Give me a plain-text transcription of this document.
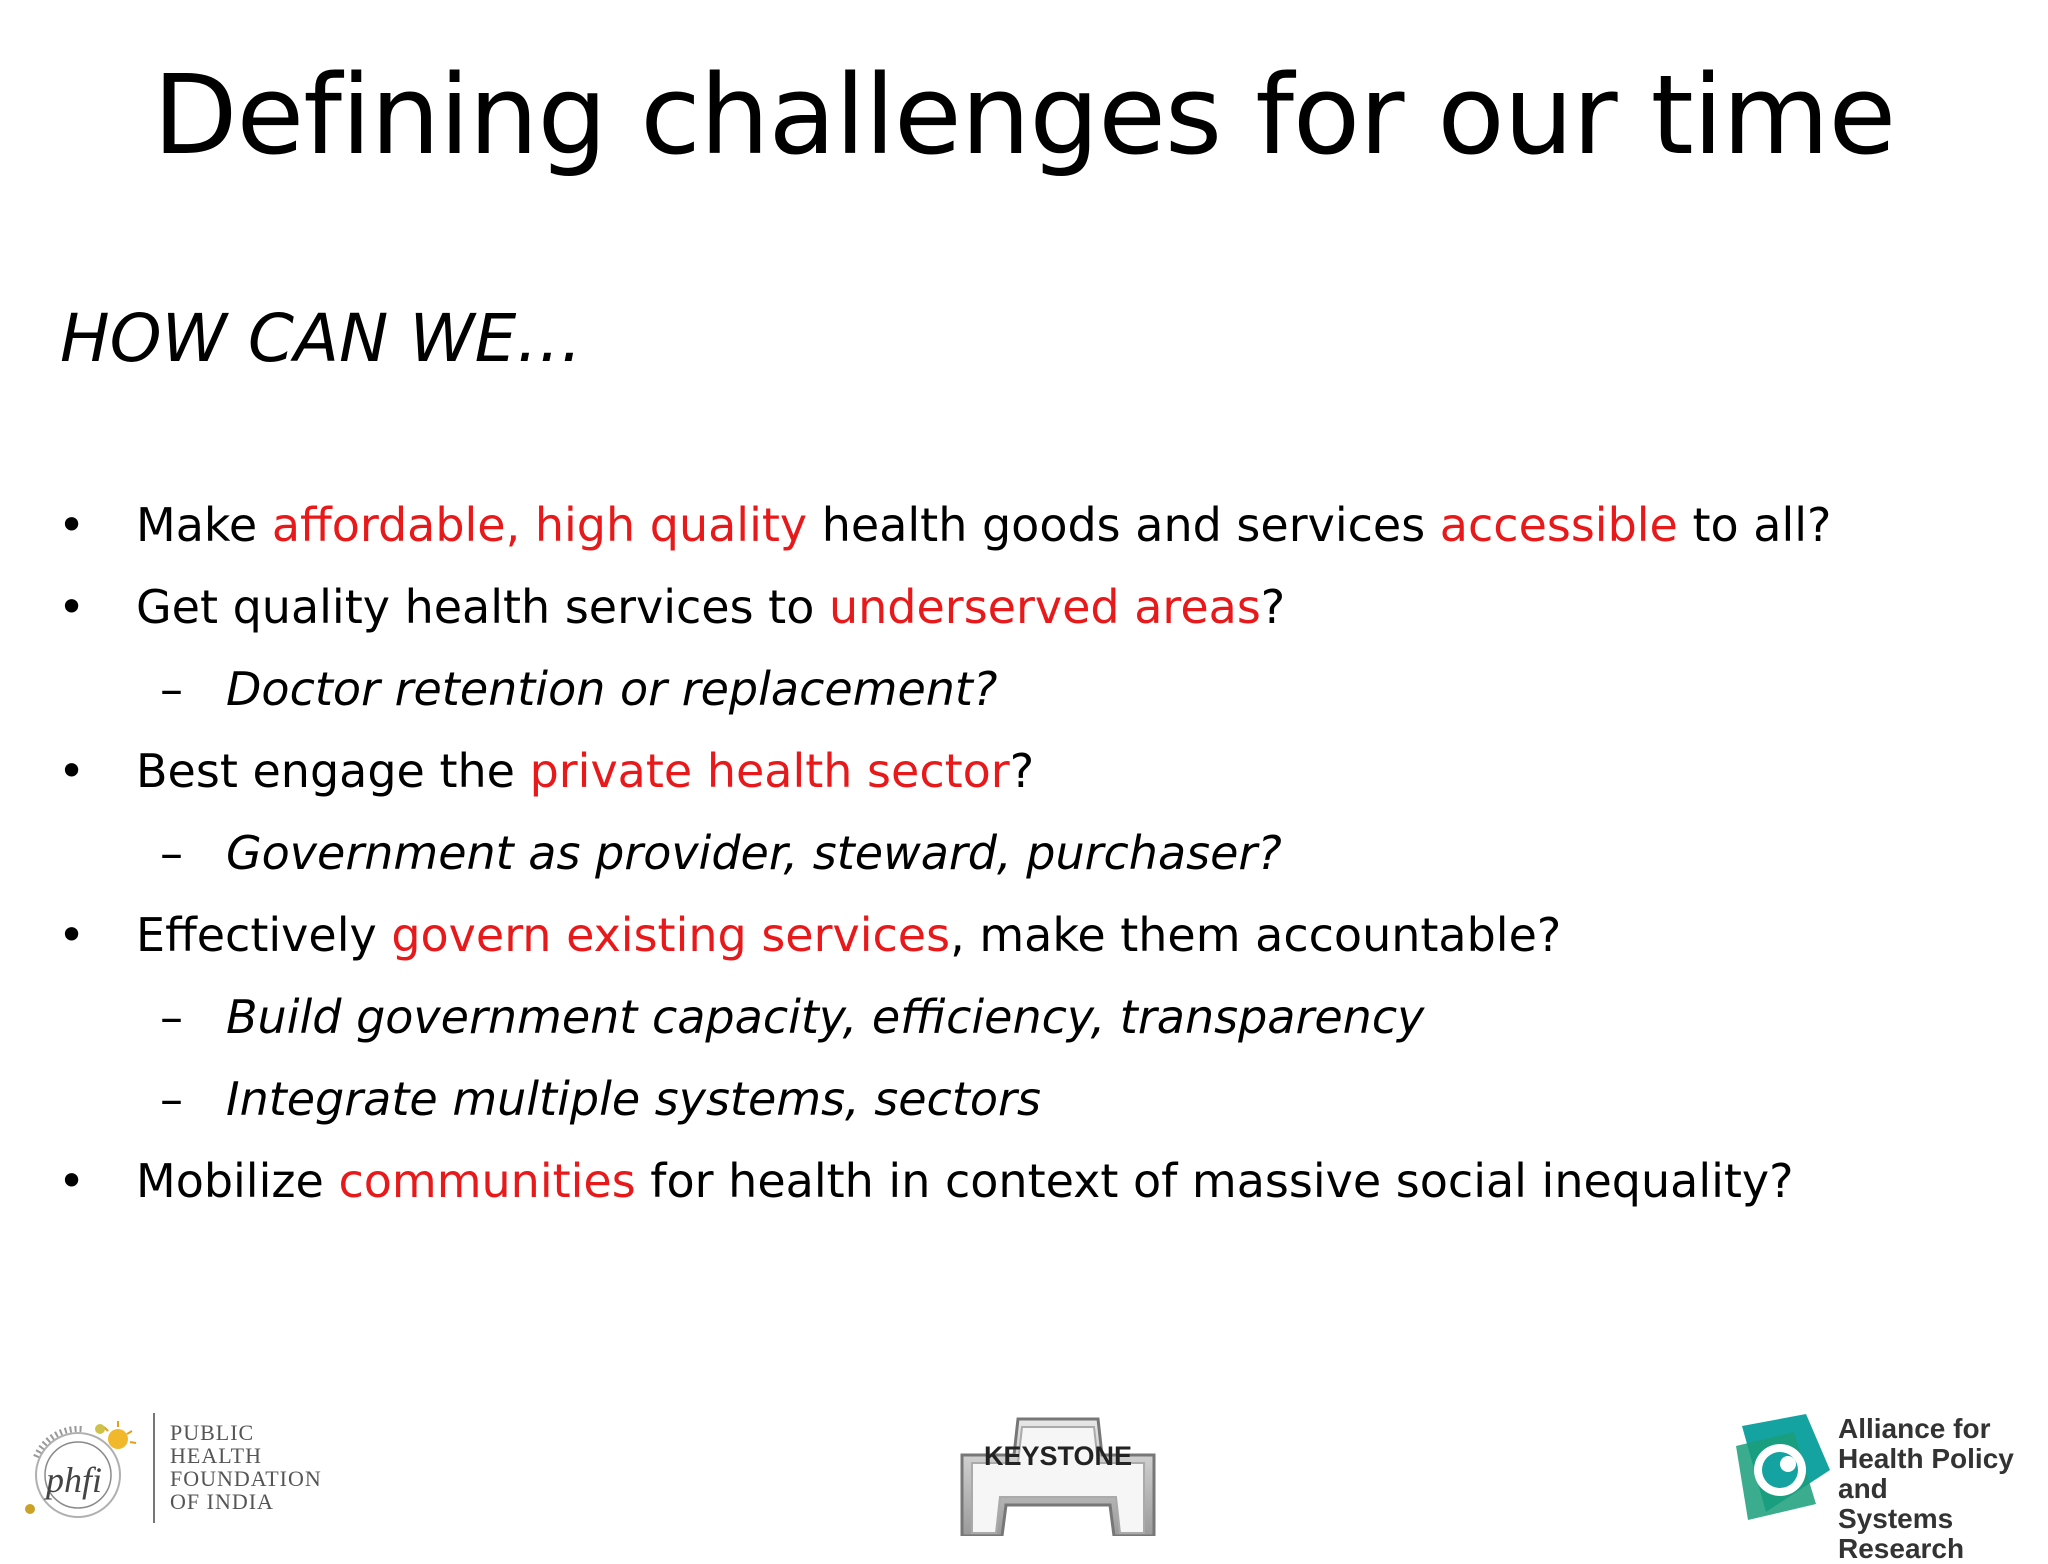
Defining challenges for our time
HOW CAN WE…
• Make affordable, high quality health goods and services accessible to all?
• Get quality health services to underserved areas?
– Doctor retention or replacement?
• Best engage the private health sector?
– Government as provider, steward, purchaser?
• Effectively govern existing services, make them accountable?
– Build government capacity, efficiency, transparency
– Integrate multiple systems, sectors
• Mobilize communities for health in context of massive social inequality?
phfi
PUBLIC
HEALTH
FOUNDATION
OF INDIA
KEYSTONE
Alliance for
Health Policy and
Systems Research
